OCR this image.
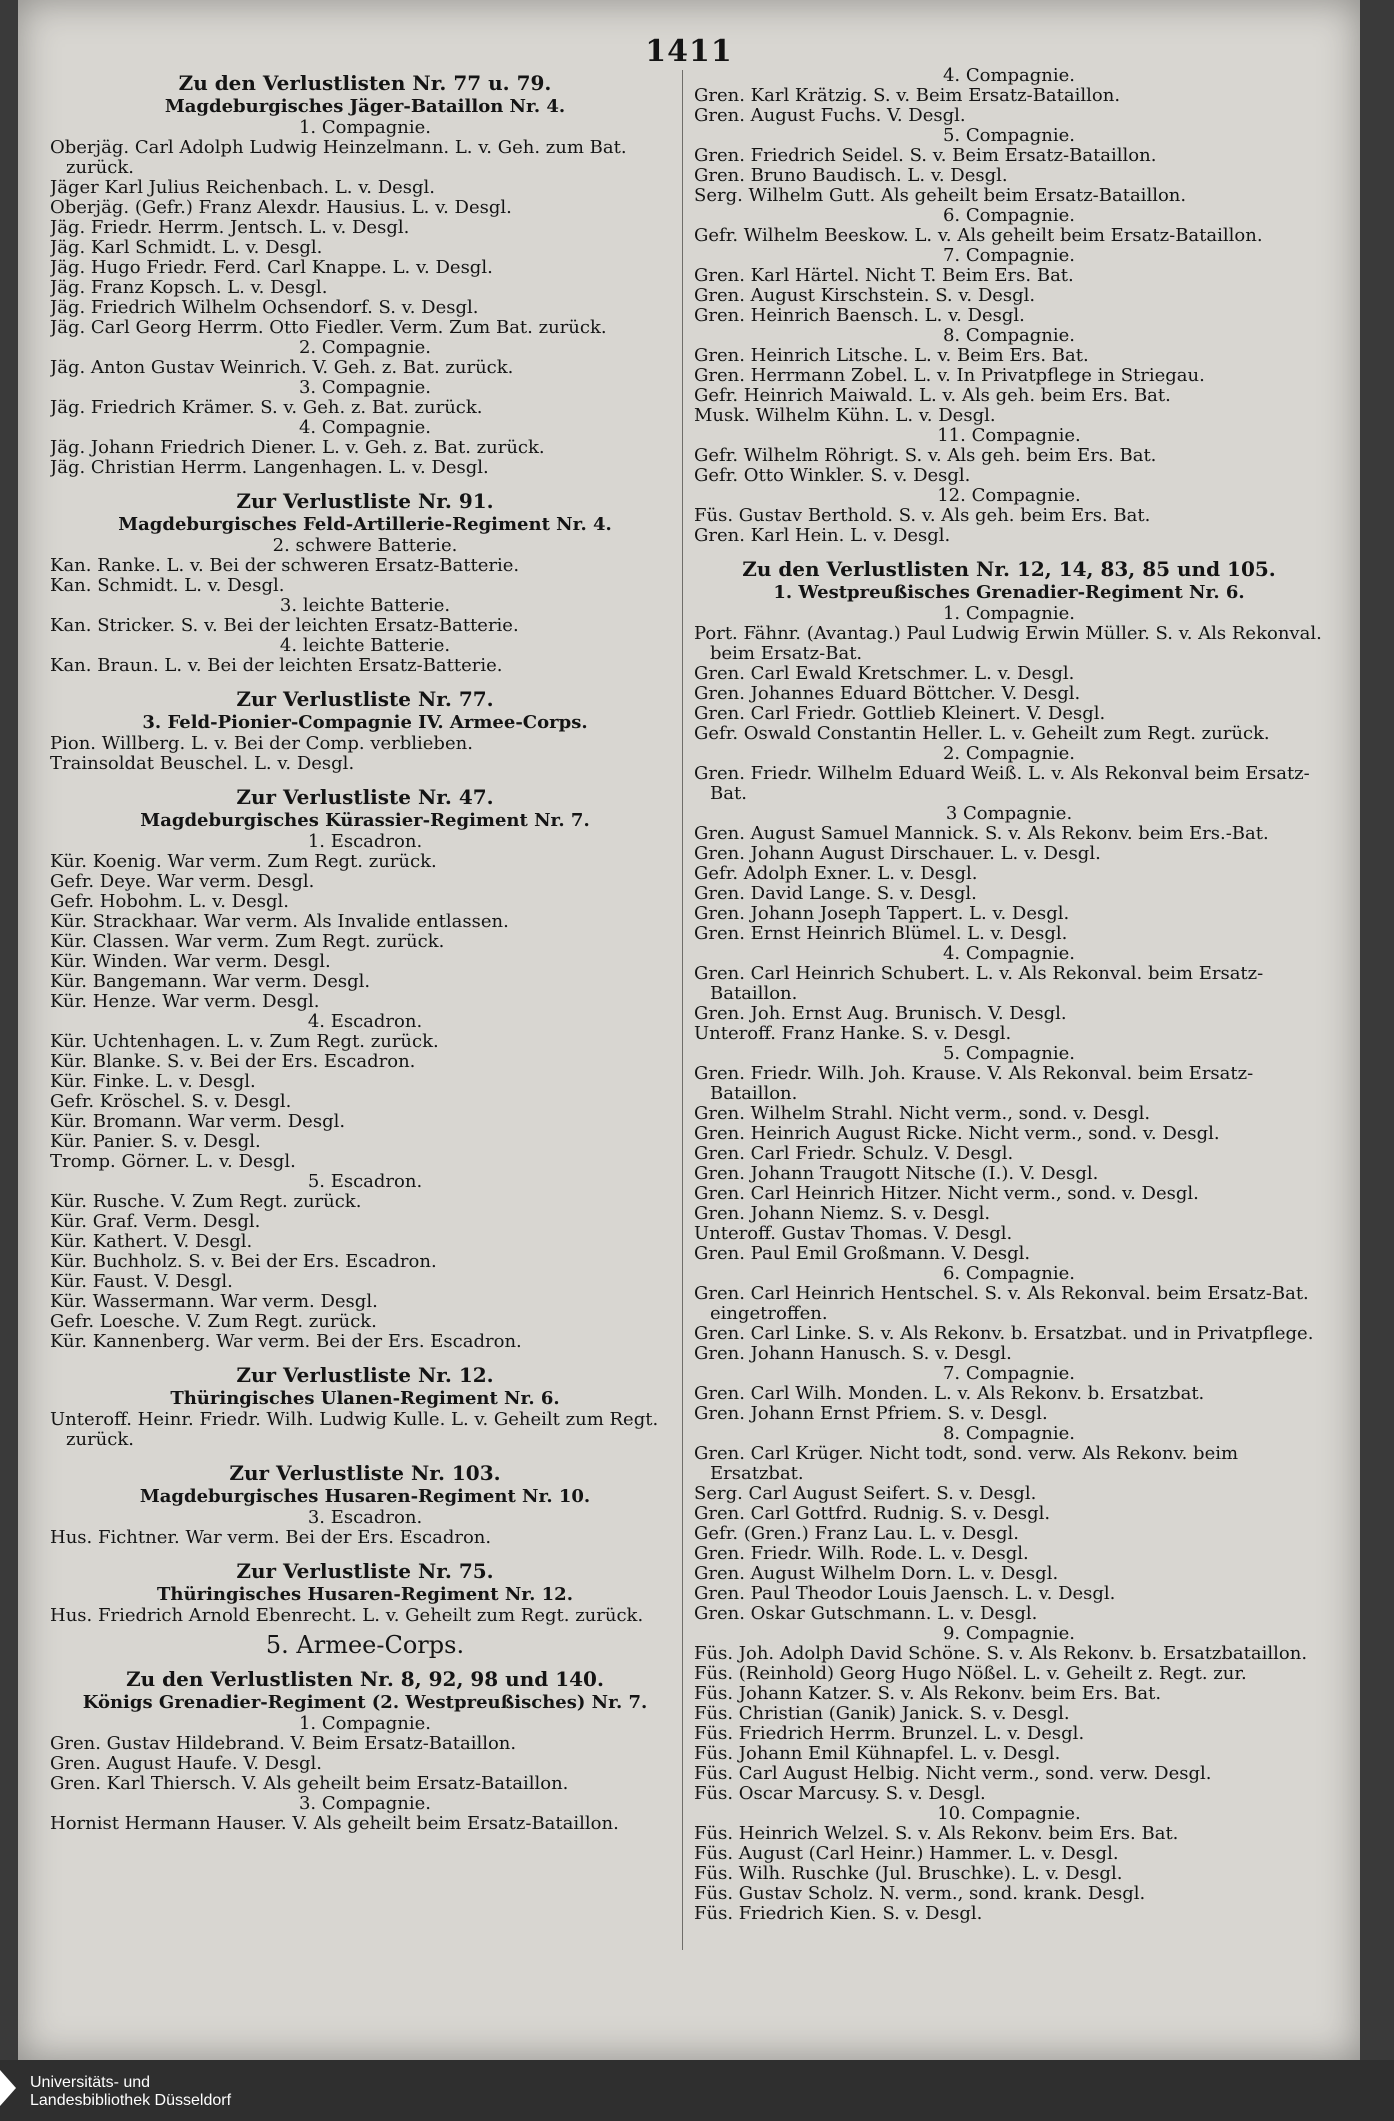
1411
Zu den Verlustlisten Nr. 77 u. 79.
Magdeburgisches Jäger-Bataillon Nr. 4.
1. Compagnie.
Oberjäg. Carl Adolph Ludwig Heinzelmann. L. v. Geh. zum Bat. zurück.
Jäger Karl Julius Reichenbach. L. v. Desgl.
Oberjäg. (Gefr.) Franz Alexdr. Hausius. L. v. Desgl.
Jäg. Friedr. Herrm. Jentsch. L. v. Desgl.
Jäg. Karl Schmidt. L. v. Desgl.
Jäg. Hugo Friedr. Ferd. Carl Knappe. L. v. Desgl.
Jäg. Franz Kopsch. L. v. Desgl.
Jäg. Friedrich Wilhelm Ochsendorf. S. v. Desgl.
Jäg. Carl Georg Herrm. Otto Fiedler. Verm. Zum Bat. zurück.
2. Compagnie.
Jäg. Anton Gustav Weinrich. V. Geh. z. Bat. zurück.
3. Compagnie.
Jäg. Friedrich Krämer. S. v. Geh. z. Bat. zurück.
4. Compagnie.
Jäg. Johann Friedrich Diener. L. v. Geh. z. Bat. zurück.
Jäg. Christian Herrm. Langenhagen. L. v. Desgl.
Zur Verlustliste Nr. 91.
Magdeburgisches Feld-Artillerie-Regiment Nr. 4.
2. schwere Batterie.
Kan. Ranke. L. v. Bei der schweren Ersatz-Batterie.
Kan. Schmidt. L. v. Desgl.
3. leichte Batterie.
Kan. Stricker. S. v. Bei der leichten Ersatz-Batterie.
4. leichte Batterie.
Kan. Braun. L. v. Bei der leichten Ersatz-Batterie.
Zur Verlustliste Nr. 77.
3. Feld-Pionier-Compagnie IV. Armee-Corps.
Pion. Willberg. L. v. Bei der Comp. verblieben.
Trainsoldat Beuschel. L. v. Desgl.
Zur Verlustliste Nr. 47.
Magdeburgisches Kürassier-Regiment Nr. 7.
1. Escadron.
Kür. Koenig. War verm. Zum Regt. zurück.
Gefr. Deye. War verm. Desgl.
Gefr. Hobohm. L. v. Desgl.
Kür. Strackhaar. War verm. Als Invalide entlassen.
Kür. Classen. War verm. Zum Regt. zurück.
Kür. Winden. War verm. Desgl.
Kür. Bangemann. War verm. Desgl.
Kür. Henze. War verm. Desgl.
4. Escadron.
Kür. Uchtenhagen. L. v. Zum Regt. zurück.
Kür. Blanke. S. v. Bei der Ers. Escadron.
Kür. Finke. L. v. Desgl.
Gefr. Kröschel. S. v. Desgl.
Kür. Bromann. War verm. Desgl.
Kür. Panier. S. v. Desgl.
Tromp. Görner. L. v. Desgl.
5. Escadron.
Kür. Rusche. V. Zum Regt. zurück.
Kür. Graf. Verm. Desgl.
Kür. Kathert. V. Desgl.
Kür. Buchholz. S. v. Bei der Ers. Escadron.
Kür. Faust. V. Desgl.
Kür. Wassermann. War verm. Desgl.
Gefr. Loesche. V. Zum Regt. zurück.
Kür. Kannenberg. War verm. Bei der Ers. Escadron.
Zur Verlustliste Nr. 12.
Thüringisches Ulanen-Regiment Nr. 6.
Unteroff. Heinr. Friedr. Wilh. Ludwig Kulle. L. v. Geheilt zum Regt. zurück.
Zur Verlustliste Nr. 103.
Magdeburgisches Husaren-Regiment Nr. 10.
3. Escadron.
Hus. Fichtner. War verm. Bei der Ers. Escadron.
Zur Verlustliste Nr. 75.
Thüringisches Husaren-Regiment Nr. 12.
Hus. Friedrich Arnold Ebenrecht. L. v. Geheilt zum Regt. zurück.
5. Armee-Corps.
Zu den Verlustlisten Nr. 8, 92, 98 und 140.
Königs Grenadier-Regiment (2. Westpreußisches) Nr. 7.
1. Compagnie.
Gren. Gustav Hildebrand. V. Beim Ersatz-Bataillon.
Gren. August Haufe. V. Desgl.
Gren. Karl Thiersch. V. Als geheilt beim Ersatz-Bataillon.
3. Compagnie.
Hornist Hermann Hauser. V. Als geheilt beim Ersatz-Bataillon.
4. Compagnie.
Gren. Karl Krätzig. S. v. Beim Ersatz-Bataillon.
Gren. August Fuchs. V. Desgl.
5. Compagnie.
Gren. Friedrich Seidel. S. v. Beim Ersatz-Bataillon.
Gren. Bruno Baudisch. L. v. Desgl.
Serg. Wilhelm Gutt. Als geheilt beim Ersatz-Bataillon.
6. Compagnie.
Gefr. Wilhelm Beeskow. L. v. Als geheilt beim Ersatz-Bataillon.
7. Compagnie.
Gren. Karl Härtel. Nicht T. Beim Ers. Bat.
Gren. August Kirschstein. S. v. Desgl.
Gren. Heinrich Baensch. L. v. Desgl.
8. Compagnie.
Gren. Heinrich Litsche. L. v. Beim Ers. Bat.
Gren. Herrmann Zobel. L. v. In Privatpflege in Striegau.
Gefr. Heinrich Maiwald. L. v. Als geh. beim Ers. Bat.
Musk. Wilhelm Kühn. L. v. Desgl.
11. Compagnie.
Gefr. Wilhelm Röhrigt. S. v. Als geh. beim Ers. Bat.
Gefr. Otto Winkler. S. v. Desgl.
12. Compagnie.
Füs. Gustav Berthold. S. v. Als geh. beim Ers. Bat.
Gren. Karl Hein. L. v. Desgl.
Zu den Verlustlisten Nr. 12, 14, 83, 85 und 105.
1. Westpreußisches Grenadier-Regiment Nr. 6.
1. Compagnie.
Port. Fähnr. (Avantag.) Paul Ludwig Erwin Müller. S. v. Als Rekonval. beim Ersatz-Bat.
Gren. Carl Ewald Kretschmer. L. v. Desgl.
Gren. Johannes Eduard Böttcher. V. Desgl.
Gren. Carl Friedr. Gottlieb Kleinert. V. Desgl.
Gefr. Oswald Constantin Heller. L. v. Geheilt zum Regt. zurück.
2. Compagnie.
Gren. Friedr. Wilhelm Eduard Weiß. L. v. Als Rekonval beim Ersatz-Bat.
3 Compagnie.
Gren. August Samuel Mannick. S. v. Als Rekonv. beim Ers.-Bat.
Gren. Johann August Dirschauer. L. v. Desgl.
Gefr. Adolph Exner. L. v. Desgl.
Gren. David Lange. S. v. Desgl.
Gren. Johann Joseph Tappert. L. v. Desgl.
Gren. Ernst Heinrich Blümel. L. v. Desgl.
4. Compagnie.
Gren. Carl Heinrich Schubert. L. v. Als Rekonval. beim Ersatz-Bataillon.
Gren. Joh. Ernst Aug. Brunisch. V. Desgl.
Unteroff. Franz Hanke. S. v. Desgl.
5. Compagnie.
Gren. Friedr. Wilh. Joh. Krause. V. Als Rekonval. beim Ersatz-Bataillon.
Gren. Wilhelm Strahl. Nicht verm., sond. v. Desgl.
Gren. Heinrich August Ricke. Nicht verm., sond. v. Desgl.
Gren. Carl Friedr. Schulz. V. Desgl.
Gren. Johann Traugott Nitsche (I.). V. Desgl.
Gren. Carl Heinrich Hitzer. Nicht verm., sond. v. Desgl.
Gren. Johann Niemz. S. v. Desgl.
Unteroff. Gustav Thomas. V. Desgl.
Gren. Paul Emil Großmann. V. Desgl.
6. Compagnie.
Gren. Carl Heinrich Hentschel. S. v. Als Rekonval. beim Ersatz-Bat. eingetroffen.
Gren. Carl Linke. S. v. Als Rekonv. b. Ersatzbat. und in Privatpflege.
Gren. Johann Hanusch. S. v. Desgl.
7. Compagnie.
Gren. Carl Wilh. Monden. L. v. Als Rekonv. b. Ersatzbat.
Gren. Johann Ernst Pfriem. S. v. Desgl.
8. Compagnie.
Gren. Carl Krüger. Nicht todt, sond. verw. Als Rekonv. beim Ersatzbat.
Serg. Carl August Seifert. S. v. Desgl.
Gren. Carl Gottfrd. Rudnig. S. v. Desgl.
Gefr. (Gren.) Franz Lau. L. v. Desgl.
Gren. Friedr. Wilh. Rode. L. v. Desgl.
Gren. August Wilhelm Dorn. L. v. Desgl.
Gren. Paul Theodor Louis Jaensch. L. v. Desgl.
Gren. Oskar Gutschmann. L. v. Desgl.
9. Compagnie.
Füs. Joh. Adolph David Schöne. S. v. Als Rekonv. b. Ersatzbataillon.
Füs. (Reinhold) Georg Hugo Nößel. L. v. Geheilt z. Regt. zur.
Füs. Johann Katzer. S. v. Als Rekonv. beim Ers. Bat.
Füs. Christian (Ganik) Janick. S. v. Desgl.
Füs. Friedrich Herrm. Brunzel. L. v. Desgl.
Füs. Johann Emil Kühnapfel. L. v. Desgl.
Füs. Carl August Helbig. Nicht verm., sond. verw. Desgl.
Füs. Oscar Marcusy. S. v. Desgl.
10. Compagnie.
Füs. Heinrich Welzel. S. v. Als Rekonv. beim Ers. Bat.
Füs. August (Carl Heinr.) Hammer. L. v. Desgl.
Füs. Wilh. Ruschke (Jul. Bruschke). L. v. Desgl.
Füs. Gustav Scholz. N. verm., sond. krank. Desgl.
Füs. Friedrich Kien. S. v. Desgl.
Universitäts- und
Landesbibliothek Düsseldorf
